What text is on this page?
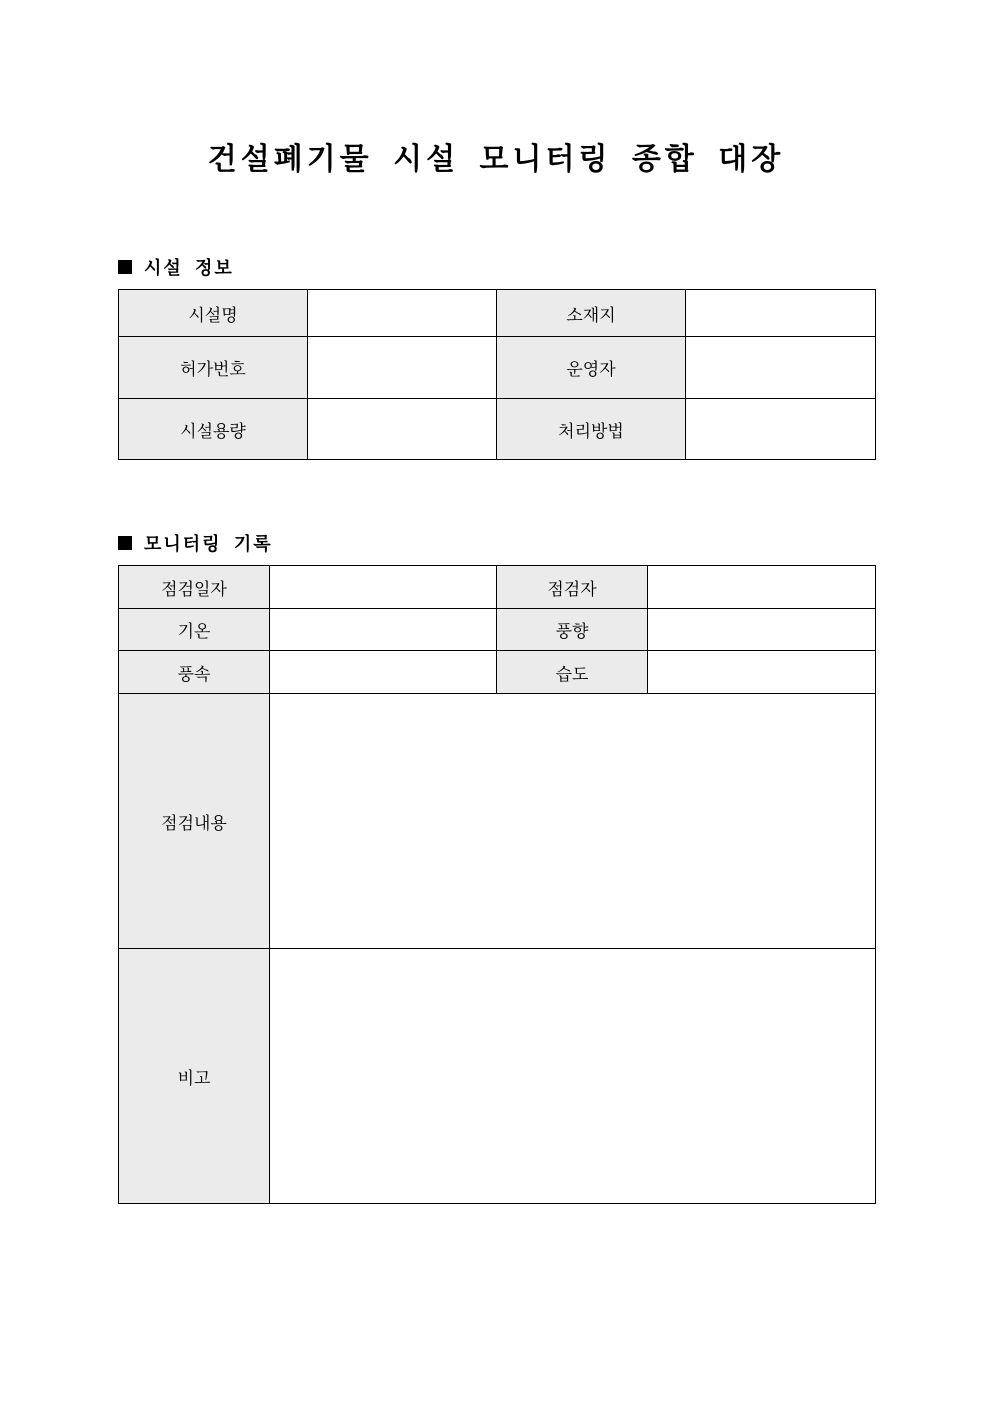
건설폐기물 시설 모니터링 종합 대장
시설 정보
시설명		소재지	
허가번호		운영자	
시설용량		처리방법	
모니터링 기록
점검일자		점검자	
기온		풍향	
풍속		습도	
점검내용			
비고			
